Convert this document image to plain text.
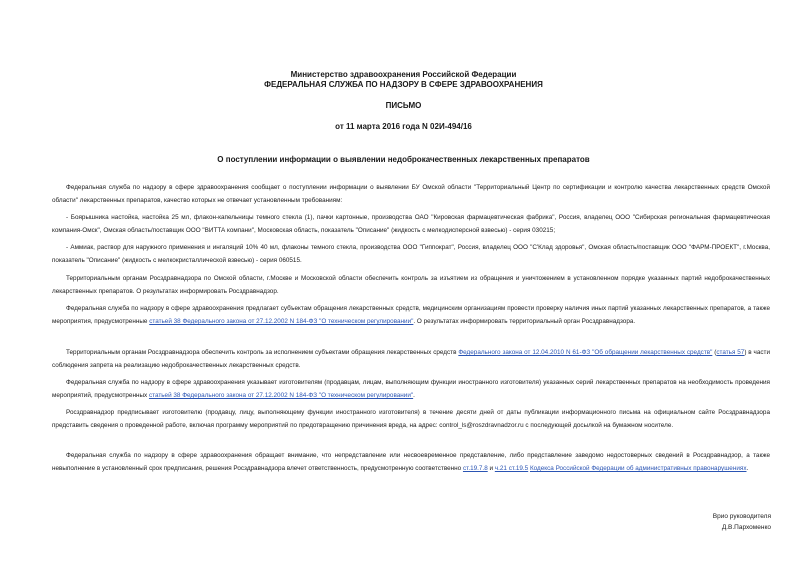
Министерство здравоохранения Российской Федерации
ФЕДЕРАЛЬНАЯ СЛУЖБА ПО НАДЗОРУ В СФЕРЕ ЗДРАВООХРАНЕНИЯ
ПИСЬМО
от 11 марта 2016 года N 02И-494/16
О поступлении информации о выявлении недоброкачественных лекарственных препаратов
Федеральная служба по надзору в сфере здравоохранения сообщает о поступлении информации о выявлении БУ Омской области "Территориальный Центр по сертификации и контролю качества лекарственных средств Омской области" лекарственных препаратов, качество которых не отвечает установленным требованиям:
- Боярышника настойка, настойка 25 мл, флакон-капельницы темного стекла (1), пачки картонные, производства ОАО "Кировская фармацевтическая фабрика", Россия, владелец ООО "Сибирская региональная фармацевтическая компания-Омск", Омская область/поставщик ООО "ВИТТА компани", Московская область, показатель "Описание" (жидкость с мелкодисперсной взвесью) - серия 030215;
- Аммиак, раствор для наружного применения и ингаляций 10% 40 мл, флаконы темного стекла, производства ООО "Гиппократ", Россия, владелец ООО "С'Клад здоровья", Омская область/поставщик ООО "ФАРМ-ПРОЕКТ", г.Москва, показатель "Описание" (жидкость с мелкокристаллической взвесью) - серия 060515.
Территориальным органам Росздравнадзора по Омской области, г.Москве и Московской области обеспечить контроль за изъятием из обращения и уничтожением в установленном порядке указанных партий недоброкачественных лекарственных препаратов. О результатах информировать Росздравнадзор.
Федеральная служба по надзору в сфере здравоохранения предлагает субъектам обращения лекарственных средств, медицинским организациям провести проверку наличия иных партий указанных лекарственных препаратов, а также мероприятия, предусмотренные статьей 38 Федерального закона от 27.12.2002 N 184-ФЗ "О техническом регулировании". О результатах информировать территориальный орган Росздравнадзора.
Территориальным органам Росздравнадзора обеспечить контроль за исполнением субъектами обращения лекарственных средств Федерального закона от 12.04.2010 N 61-ФЗ "Об обращении лекарственных средств" (статья 57) в части соблюдения запрета на реализацию недоброкачественных лекарственных средств.
Федеральная служба по надзору в сфере здравоохранения указывает изготовителям (продавцам, лицам, выполняющим функции иностранного изготовителя) указанных серий лекарственных препаратов на необходимость проведения мероприятий, предусмотренных статьей 38 Федерального закона от 27.12.2002 N 184-ФЗ "О техническом регулировании".
Росздравнадзор предписывает изготовителю (продавцу, лицу, выполняющему функции иностранного изготовителя) в течение десяти дней от даты публикации информационного письма на официальном сайте Росздравнадзора представить сведения о проведенной работе, включая программу мероприятий по предотвращению причинения вреда, на адрес: control_ls@roszdravnadzor.ru с последующей досылкой на бумажном носителе.
Федеральная служба по надзору в сфере здравоохранения обращает внимание, что непредставление или несвоевременное представление, либо представление заведомо недостоверных сведений в Росздравнадзор, а также невыполнение в установленный срок предписания, решения Росздравнадзора влечет ответственность, предусмотренную соответственно ст.19.7.8 и ч.21 ст.19.5 Кодекса Российской Федерации об административных правонарушениях.
Врио руководителя
Д.В.Пархоменко
